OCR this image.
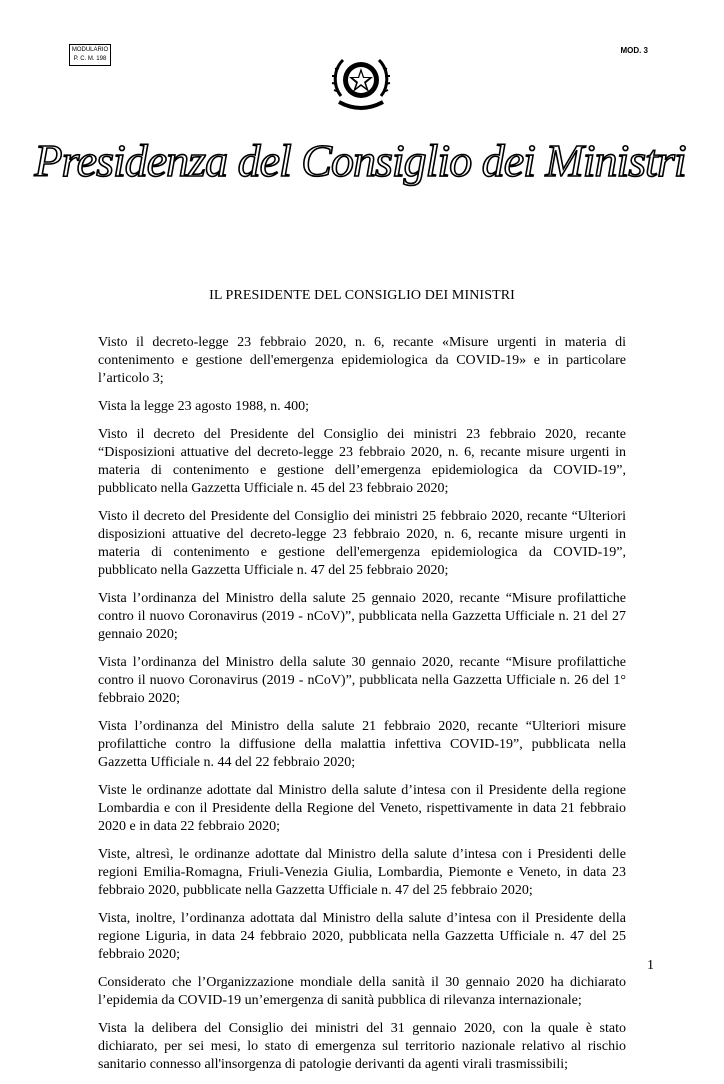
MODULARIO
P. C. M. 198
MOD. 3
Presidenza del Consiglio dei Ministri
IL PRESIDENTE DEL CONSIGLIO DEI MINISTRI

Visto il decreto-legge 23 febbraio 2020, n. 6, recante «Misure urgenti in materia di contenimento e gestione dell'emergenza epidemiologica da COVID-19» e in particolare l’articolo 3;

Vista la legge 23 agosto 1988, n. 400;

Visto il decreto del Presidente del Consiglio dei ministri 23 febbraio 2020, recante “Disposizioni attuative del decreto-legge 23 febbraio 2020, n. 6, recante misure urgenti in materia di contenimento e gestione dell’emergenza epidemiologica da COVID-19”, pubblicato nella Gazzetta Ufficiale n. 45 del 23 febbraio 2020;

Visto il decreto del Presidente del Consiglio dei ministri 25 febbraio 2020, recante “Ulteriori disposizioni attuative del decreto-legge 23 febbraio 2020, n. 6, recante misure urgenti in materia di contenimento e gestione dell'emergenza epidemiologica da COVID-19”, pubblicato nella Gazzetta Ufficiale n. 47 del 25 febbraio 2020;

Vista l’ordinanza del Ministro della salute 25 gennaio 2020, recante “Misure profilattiche contro il nuovo Coronavirus (2019 - nCoV)”, pubblicata nella Gazzetta Ufficiale n. 21 del 27 gennaio 2020;

Vista l’ordinanza del Ministro della salute 30 gennaio 2020, recante “Misure profilattiche contro il nuovo Coronavirus (2019 - nCoV)”, pubblicata nella Gazzetta Ufficiale n. 26 del 1° febbraio 2020;

Vista l’ordinanza del Ministro della salute 21 febbraio 2020, recante “Ulteriori misure profilattiche contro la diffusione della malattia infettiva COVID-19”, pubblicata nella Gazzetta Ufficiale n. 44 del 22 febbraio 2020;

Viste le ordinanze adottate dal Ministro della salute d’intesa con il Presidente della regione Lombardia e con il Presidente della Regione del Veneto, rispettivamente in data 21 febbraio 2020 e in data 22 febbraio 2020;

Viste, altresì, le ordinanze adottate dal Ministro della salute d’intesa con i Presidenti delle regioni Emilia-Romagna, Friuli-Venezia Giulia, Lombardia, Piemonte e Veneto, in data 23 febbraio 2020, pubblicate nella Gazzetta Ufficiale n. 47 del 25 febbraio 2020;

Vista, inoltre, l’ordinanza adottata dal Ministro della salute d’intesa con il Presidente della regione Liguria, in data 24 febbraio 2020, pubblicata nella Gazzetta Ufficiale n. 47 del 25 febbraio 2020;

Considerato che l’Organizzazione mondiale della sanità il 30 gennaio 2020 ha dichiarato l’epidemia da COVID-19 un’emergenza di sanità pubblica di rilevanza internazionale;

Vista la delibera del Consiglio dei ministri del 31 gennaio 2020, con la quale è stato dichiarato, per sei mesi, lo stato di emergenza sul territorio nazionale relativo al rischio sanitario connesso all'insorgenza di patologie derivanti da agenti virali trasmissibili;

1
